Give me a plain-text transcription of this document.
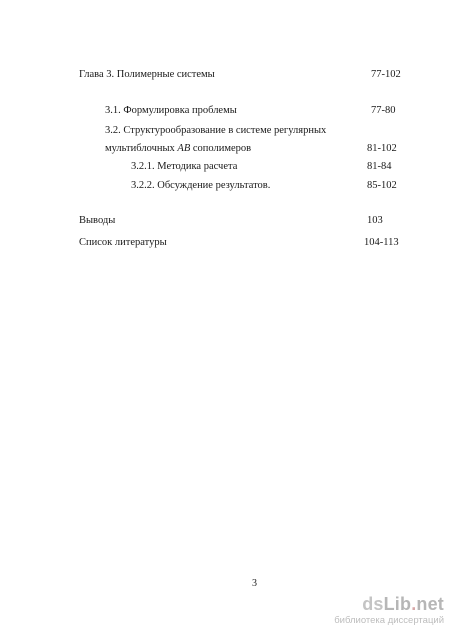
Глава 3. Полимерные системы	77-102
3.1. Формулировка проблемы	77-80
3.2. Структурообразование в системе регулярных
мультиблочных АВ сополимеров	81-102
3.2.1. Методика расчета	81-84
3.2.2. Обсуждение результатов.	85-102
Выводы	103
Список литературы	104-113
3
dsLib.net
библиотека диссертаций
